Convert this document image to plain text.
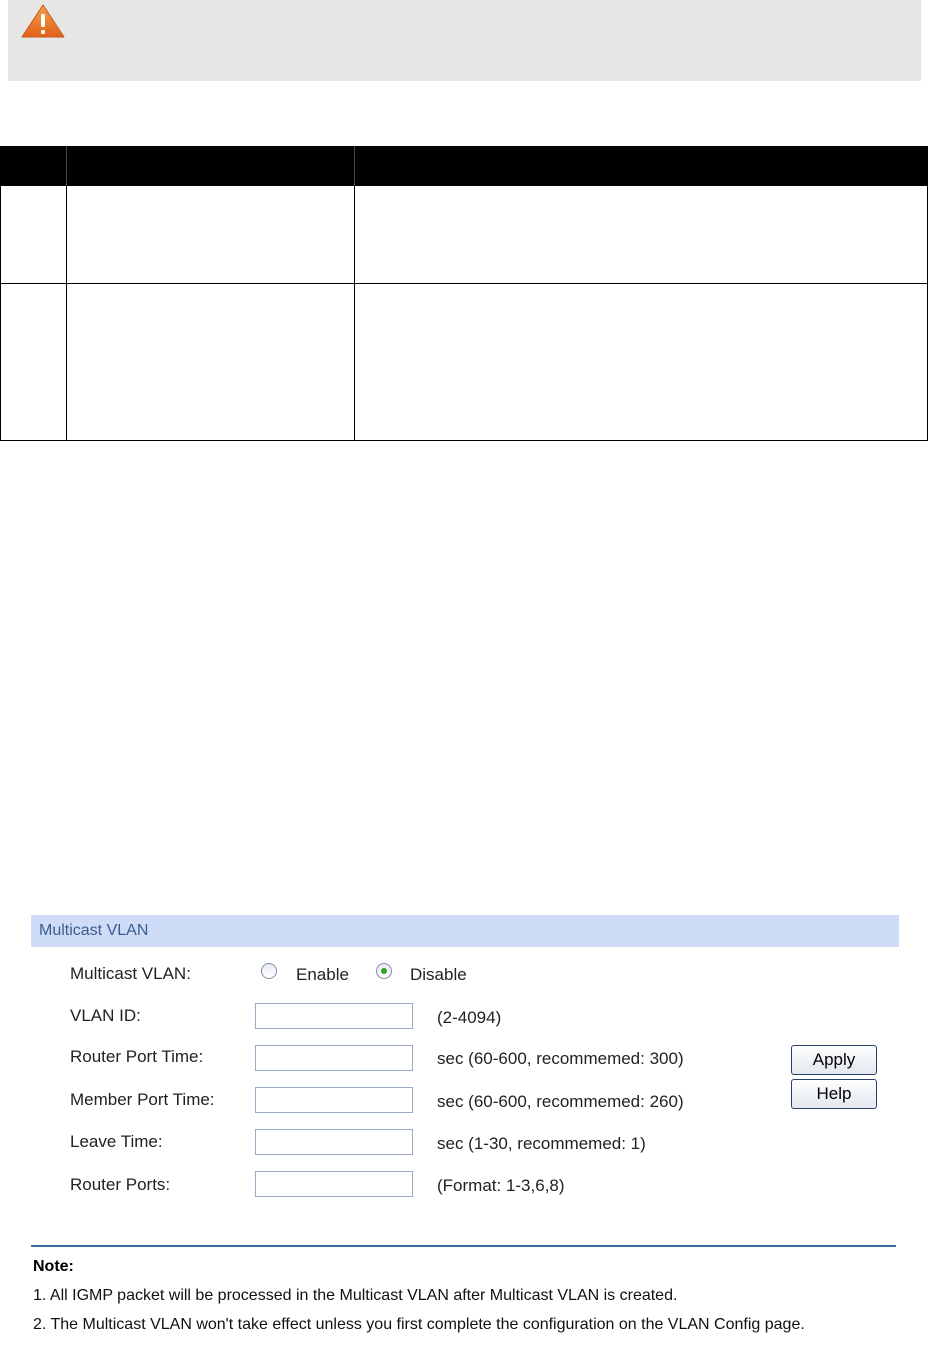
Multicast VLAN
Multicast VLAN:	Enable	Disable
VLAN ID:	(2-4094)
Router Port Time:	sec (60-600, recommemed: 300)
Member Port Time:	sec (60-600, recommemed: 260)
Leave Time:	sec (1-30, recommemed: 1)
Router Ports:	(Format: 1-3,6,8)
Apply
Help
Note:
1. All IGMP packet will be processed in the Multicast VLAN after Multicast VLAN is created.
2. The Multicast VLAN won't take effect unless you first complete the configuration on the VLAN Config page.
